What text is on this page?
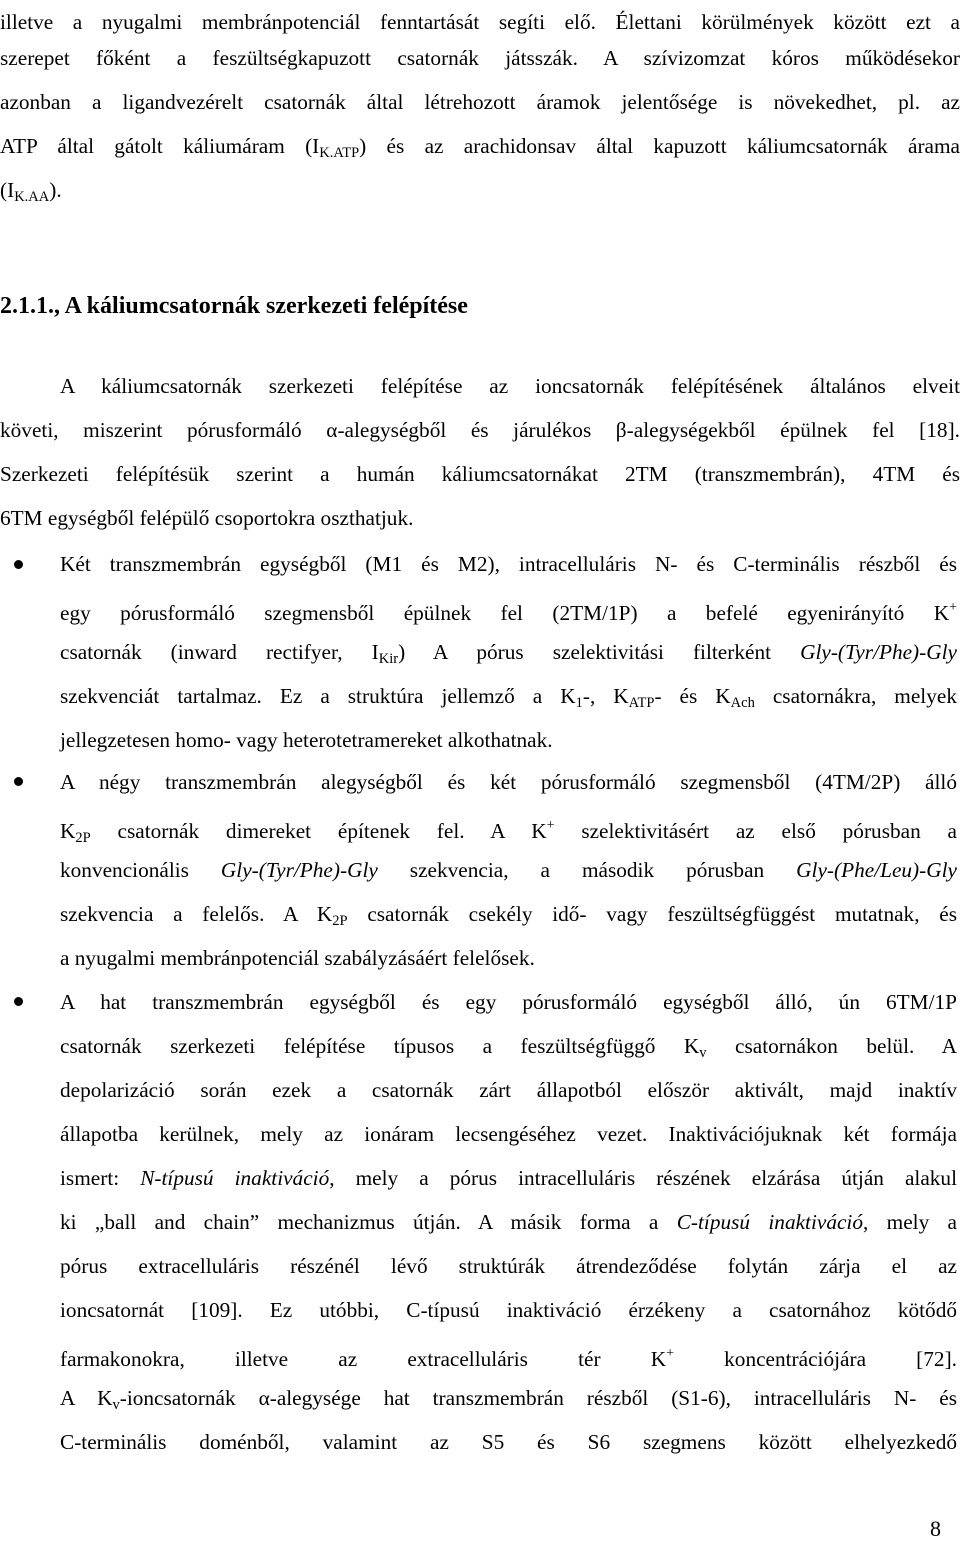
illetve a nyugalmi membránpotenciál fenntartását segíti elő. Élettani körülmények között ezt a
szerepet főként a feszültségkapuzott csatornák játsszák. A szívizomzat kóros működésekor
azonban a ligandvezérelt csatornák által létrehozott áramok jelentősége is növekedhet, pl. az
ATP által gátolt káliumáram $(I_{K.ATP})$ és az arachidonsav által kapuzott káliumcsatornák árama
$(I_{K.AA})$.
2.1.1., A káliumcsatornák szerkezeti felépítése
A káliumcsatornák szerkezeti felépítése az ioncsatornák felépítésének általános elveit
követi, miszerint pórusformáló α-alegységből és járulékos β-alegységekből épülnek fel [18].
Szerkezeti felépítésük szerint a humán káliumcsatornákat 2TM (transzmembrán), 4TM és
6TM egységből felépülő csoportokra oszthatjuk.
Két transzmembrán egységből (M1 és M2), intracelluláris N- és C-terminális részből és
egy pórusformáló szegmensből épülnek fel (2TM/1P) a befelé egyenirányító K+
csatornák (inward rectifyer, $I_{Kir}$) A pórus szelektivitási filterként Gly-(Tyr/Phe)-Gly
szekvenciát tartalmaz. Ez a struktúra jellemző a $K_1-$, $K_{ATP}-$ és $K_{Ach}$ csatornákra, melyek
jellegzetesen homo- vagy heterotetramereket alkothatnak.
A négy transzmembrán alegységből és két pórusformáló szegmensből (4TM/2P) álló
$K_{2P}$ csatornák dimereket építenek fel. A K+ szelektivitásért az első pórusban a
konvencionális Gly-(Tyr/Phe)-Gly szekvencia, a második pórusban Gly-(Phe/Leu)-Gly
szekvencia a felelős. A $K_{2P}$ csatornák csekély idő- vagy feszültségfüggést mutatnak, és
a nyugalmi membránpotenciál szabályzásáért felelősek.
A hat transzmembrán egységből és egy pórusformáló egységből álló, ún 6TM/1P
csatornák szerkezeti felépítése típusos a feszültségfüggő $K_v$ csatornákon belül. A
depolarizáció során ezek a csatornák zárt állapotból először aktivált, majd inaktív
állapotba kerülnek, mely az ionáram lecsengéséhez vezet. Inaktivációjuknak két formája
ismert: N-típusú inaktiváció, mely a pórus intracelluláris részének elzárása útján alakul
ki „ball and chain” mechanizmus útján. A másik forma a C-típusú inaktiváció, mely a
pórus extracelluláris részénél lévő struktúrák átrendeződése folytán zárja el az
ioncsatornát [109]. Ez utóbbi, C-típusú inaktiváció érzékeny a csatornához kötődő
farmakonokra, illetve az extracelluláris tér K+ koncentrációjára [72].
A $K_v$-ioncsatornák α-alegysége hat transzmembrán részből (S1-6), intracelluláris N- és
C-terminális doménből, valamint az S5 és S6 szegmens között elhelyezkedő
8
